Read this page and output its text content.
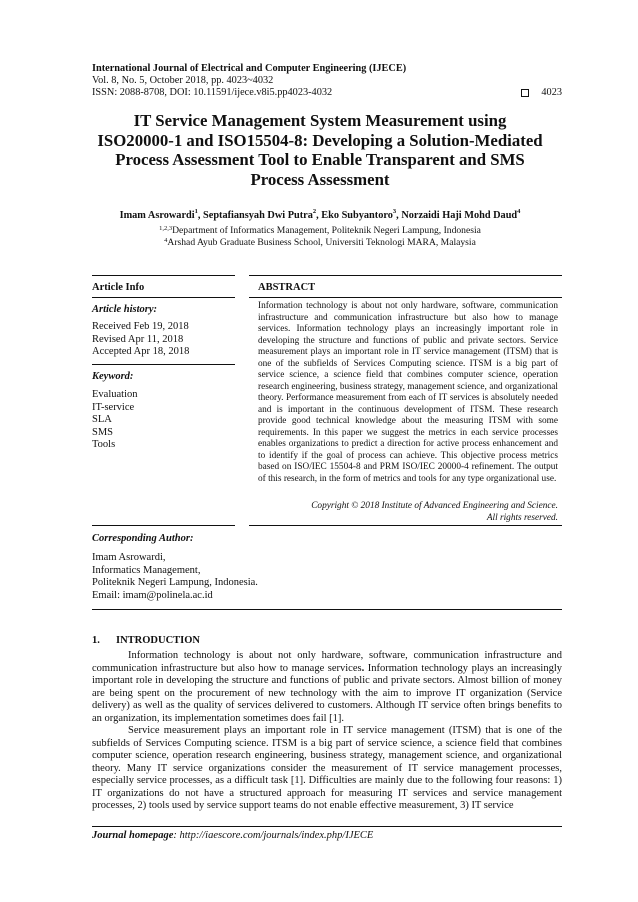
International Journal of Electrical and Computer Engineering (IJECE)
Vol. 8, No. 5, October 2018, pp. 4023~4032
ISSN: 2088-8708, DOI: 10.11591/ijece.v8i5.pp4023-4032	4023
IT Service Management System Measurement using
ISO20000-1 and ISO15504-8: Developing a Solution-Mediated
Process Assessment Tool to Enable Transparent and SMS
Process Assessment
Imam Asrowardi$^1$, Septafiansyah Dwi Putra$^2$, Eko Subyantoro$^3$, Norzaidi Haji Mohd Daud$^4$
$^{1,2,3}$Department of Informatics Management, Politeknik Negeri Lampung, Indonesia
$^4$Arshad Ayub Graduate Business School, Universiti Teknologi MARA, Malaysia
Article Info	ABSTRACT
Article history:
Received Feb 19, 2018
Revised Apr 11, 2018
Accepted Apr 18, 2018
Keyword:
Evaluation
IT-service
SLA
SMS
Tools
Information technology is about not only hardware, software, communication infrastructure and communication infrastructure but also how to manage services. Information technology plays an increasingly important role in developing the structure and functions of public and private sectors. Service measurement plays an important role in IT service management (ITSM) that is one of the subfields of Services Computing science. ITSM is a big part of service science, a science field that combines computer science, operation research engineering, business strategy, management science, and organizational theory. Performance measurement from each of IT services is absolutely needed and is important in the continuous development of ITSM. These research provide good technical knowledge about the measuring ITSM with some requirements. In this paper we suggest the metrics in each service processes enables organizations to predict a direction for active process enhancement and to identify if the goal of process can achieve. This objective process metrics based on ISO/IEC 15504-8 and PRM ISO/IEC 20000-4 refinement. The output of this research, in the form of metrics and tools for any type organizational use.
Copyright © 2018 Institute of Advanced Engineering and Science.
All rights reserved.
Corresponding Author:
Imam Asrowardi,
Informatics Management,
Politeknik Negeri Lampung, Indonesia.
Email: imam@polinela.ac.id
1. INTRODUCTION

Information technology is about not only hardware, software, communication infrastructure and communication infrastructure but also how to manage services. Information technology plays an increasingly important role in developing the structure and functions of public and private sectors. Almost billion of money are being spent on the procurement of new technology with the aim to improve IT organization (Service delivery) as well as the quality of services delivered to customers. Although IT service often brings benefits to an organization, its implementation sometimes does fail [1].

Service measurement plays an important role in IT service management (ITSM) that is one of the subfields of Services Computing science. ITSM is a big part of service science, a science field that combines computer science, operation research engineering, business strategy, management science, and organizational theory. Many IT service organizations consider the measurement of IT service management processes, especially service processes, as a difficult task [1]. Difficulties are mainly due to the following four reasons: 1) IT organizations do not have a structured approach for measuring IT services and service management processes, 2) tools used by service support teams do not enable effective measurement, 3) IT service

Journal homepage: http://iaescore.com/journals/index.php/IJECE
